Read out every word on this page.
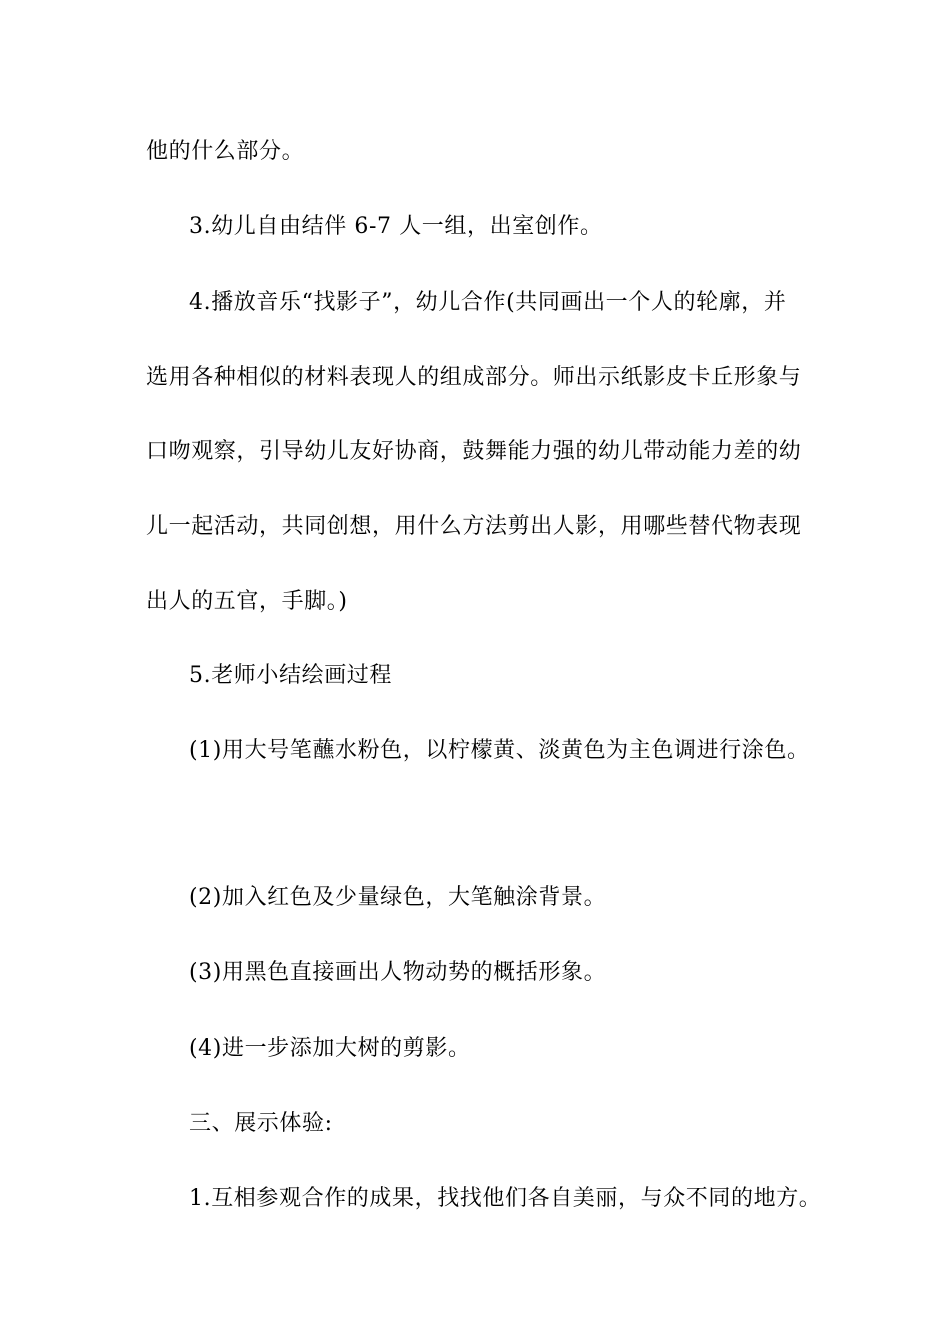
他的什么部分。
3.幼儿自由结伴 6-7 人一组，出室创作。
4.播放音乐“找影子”，幼儿合作(共同画出一个人的轮廓，并
选用各种相似的材料表现人的组成部分。师出示纸影皮卡丘形象与
口吻观察，引导幼儿友好协商，鼓舞能力强的幼儿带动能力差的幼
儿一起活动，共同创想，用什么方法剪出人影，用哪些替代物表现
出人的五官，手脚。)
5.老师小结绘画过程
(1)用大号笔蘸水粉色，以柠檬黄、淡黄色为主色调进行涂色。
(2)加入红色及少量绿色，大笔触涂背景。
(3)用黑色直接画出人物动势的概括形象。
(4)进一步添加大树的剪影。
三、展示体验:
1.互相参观合作的成果，找找他们各自美丽，与众不同的地方。
